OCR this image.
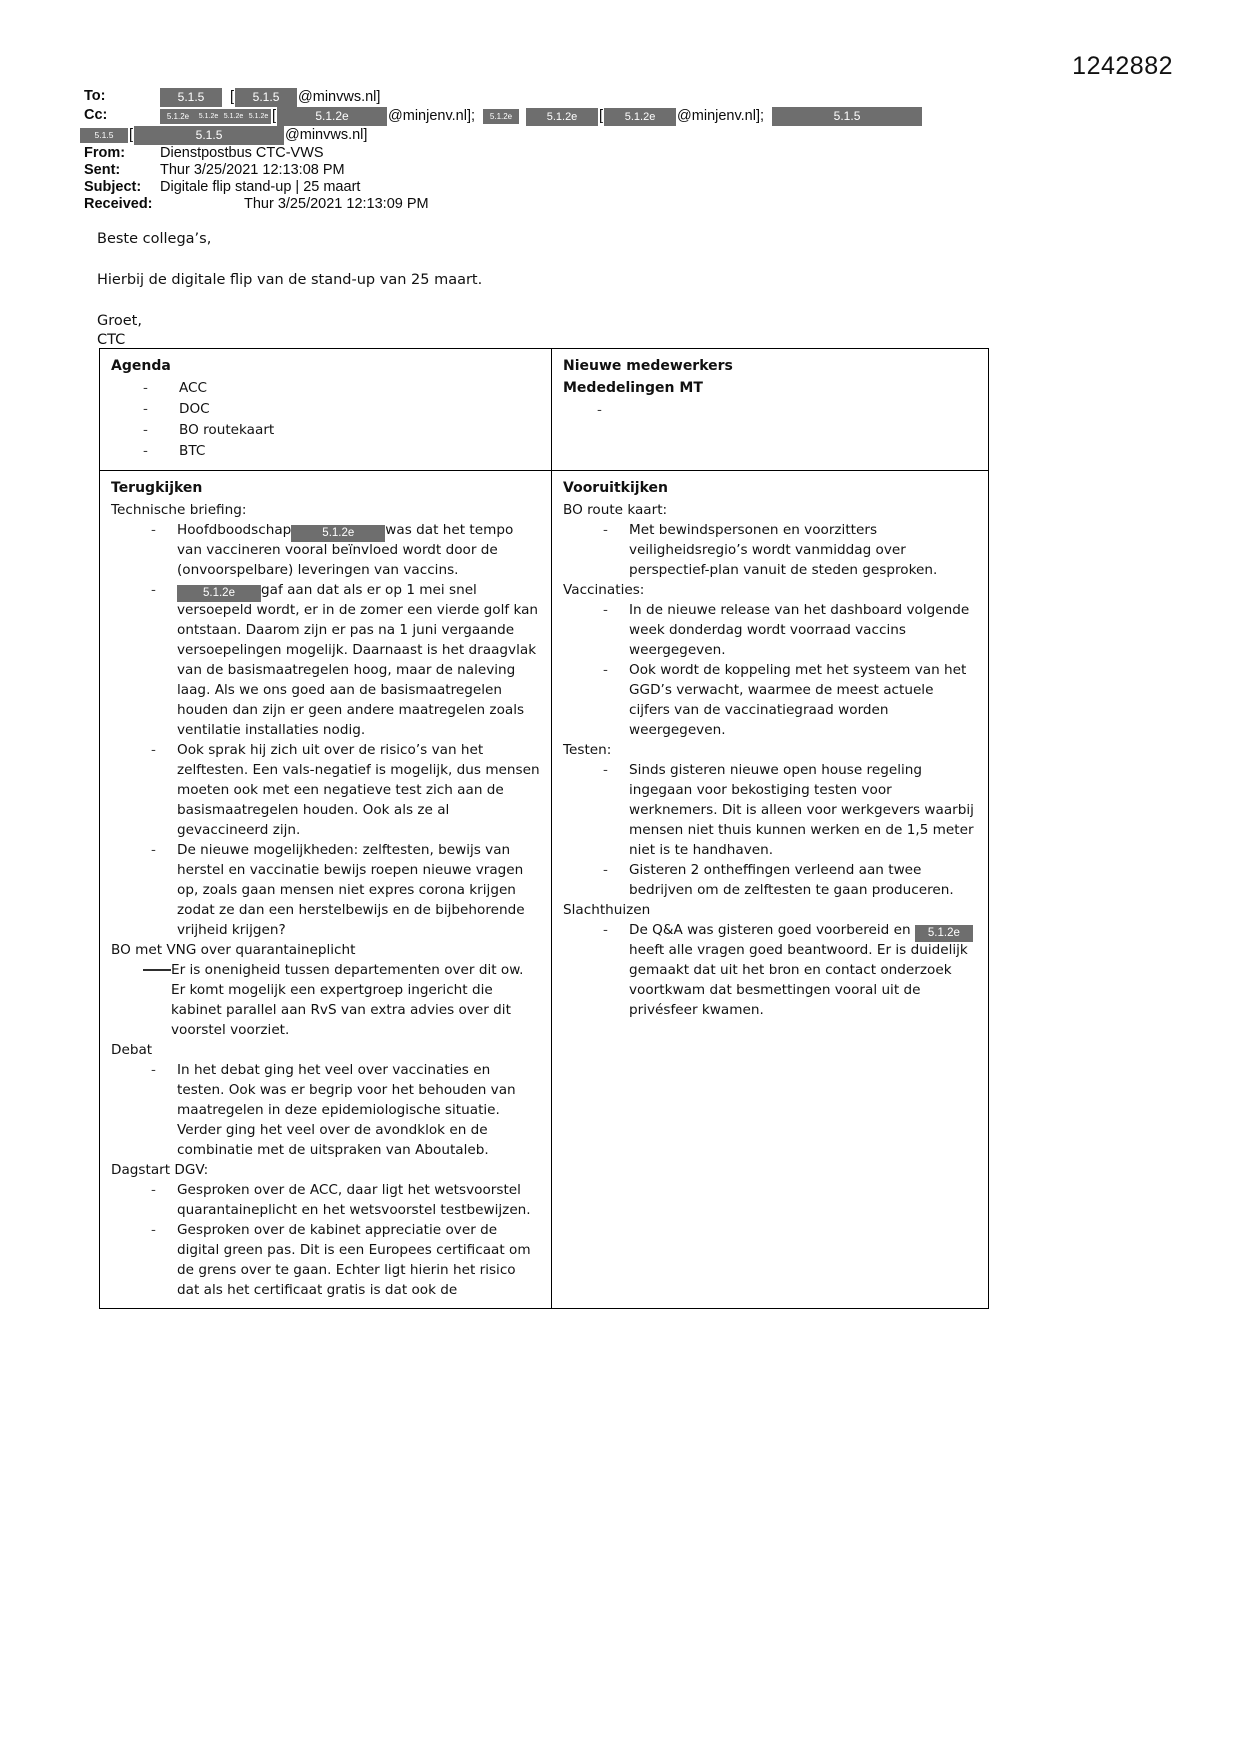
1242882
To:	5.1.5	[	5.1.5	@minvws.nl]
Cc:	5.1.2e	5.1.2e 5.1.2e 5.1.2e [	5.1.2e	@minjenv.nl];	5.1.2e	5.1.2e	[	5.1.2e	@minjenv.nl];	5.1.5
5.1.5	[	5.1.5	@minvws.nl]
From:	Dienstpostbus CTC-VWS
Sent:	Thur 3/25/2021 12:13:08 PM
Subject:	Digitale flip stand-up | 25 maart
Received:	Thur 3/25/2021 12:13:09 PM

Beste collega’s,

Hierbij de digitale flip van de stand-up van 25 maart.

Groet,

CTC

Agenda

- ACC
- DOC
- BO routekaart
- BTC

Nieuwe medewerkers

Mededelingen MT

-

Terugkijken

Technische briefing:

- Hoofdboodschap	5.1.2e was dat het tempo van vaccineren vooral beïnvloed wordt door de (onvoorspelbare) leveringen van vaccins.
- 5.1.2e gaf aan dat als er op 1 mei snel versoepeld wordt, er in de zomer een vierde golf kan ontstaan. Daarom zijn er pas na 1 juni vergaande versoepelingen mogelijk. Daarnaast is het draagvlak van de basismaatregelen hoog, maar de naleving laag. Als we ons goed aan de basismaatregelen houden dan zijn er geen andere maatregelen zoals ventilatie installaties nodig.
- Ook sprak hij zich uit over de risico’s van het zelftesten. Een vals-negatief is mogelijk, dus mensen moeten ook met een negatieve test zich aan de basismaatregelen houden. Ook als ze al gevaccineerd zijn.
- De nieuwe mogelijkheden: zelftesten, bewijs van herstel en vaccinatie bewijs roepen nieuwe vragen op, zoals gaan mensen niet expres corona krijgen zodat ze dan een herstelbewijs en de bijbehorende vrijheid krijgen?

BO met VNG over quarantaineplicht

Er is onenigheid tussen departementen over dit ow. Er komt mogelijk een expertgroep ingericht die kabinet parallel aan RvS van extra advies over dit voorstel voorziet.

Debat

- In het debat ging het veel over vaccinaties en testen. Ook was er begrip voor het behouden van maatregelen in deze epidemiologische situatie. Verder ging het veel over de avondklok en de combinatie met de uitspraken van Aboutaleb.

Dagstart DGV:

- Gesproken over de ACC, daar ligt het wetsvoorstel quarantaineplicht en het wetsvoorstel testbewijzen.
- Gesproken over de kabinet appreciatie over de digital green pas. Dit is een Europees certificaat om de grens over te gaan. Echter ligt hierin het risico dat als het certificaat gratis is dat ook de

Vooruitkijken

BO route kaart:

- Met bewindspersonen en voorzitters veiligheidsregio’s wordt vanmiddag over perspectief-plan vanuit de steden gesproken.

Vaccinaties:

- In de nieuwe release van het dashboard volgende week donderdag wordt voorraad vaccins weergegeven.
- Ook wordt de koppeling met het systeem van het GGD’s verwacht, waarmee de meest actuele cijfers van de vaccinatiegraad worden weergegeven.

Testen:

- Sinds gisteren nieuwe open house regeling ingegaan voor bekostiging testen voor werknemers. Dit is alleen voor werkgevers waarbij mensen niet thuis kunnen werken en de 1,5 meter niet is te handhaven.
- Gisteren 2 ontheffingen verleend aan twee bedrijven om de zelftesten te gaan produceren.

Slachthuizen

- De Q&A was gisteren goed voorbereid en 5.1.2eheeft alle vragen goed beantwoord. Er is duidelijk gemaakt dat uit het bron en contact onderzoek voortkwam dat besmettingen vooral uit de privésfeer kwamen.
